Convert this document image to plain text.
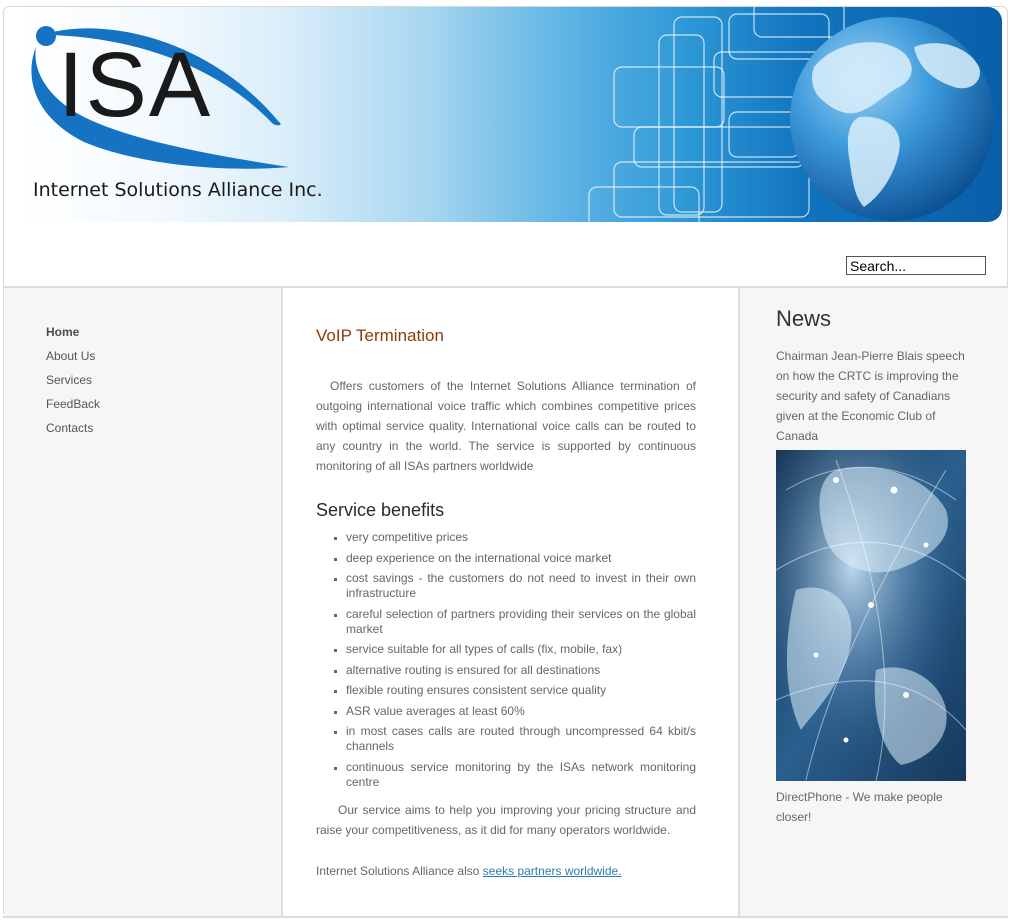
ISA
Internet Solutions Alliance Inc.
Search...
Home
About Us
Services
FeedBack
Contacts
VoIP Termination

Offers customers of the Internet Solutions Alliance termination of outgoing international voice traffic which combines competitive prices with optimal service quality. International voice calls can be routed to any country in the world. The service is supported by continuous monitoring of all ISAs partners worldwide

Service benefits
▪ very competitive prices
▪ deep experience on the international voice market
▪ cost savings - the customers do not need to invest in their own infrastructure
▪ careful selection of partners providing their services on the global market
▪ service suitable for all types of calls (fix, mobile, fax)
▪ alternative routing is ensured for all destinations
▪ flexible routing ensures consistent service quality
▪ ASR value averages at least 60%
▪ in most cases calls are routed through uncompressed 64 kbit/s channels
▪ continuous service monitoring by the ISAs network monitoring centre

Our service aims to help you improving your pricing structure and raise your competitiveness, as it did for many operators worldwide.

Internet Solutions Alliance also seeks partners worldwide.

News

Chairman Jean-Pierre Blais speech on how the CRTC is improving the security and safety of Canadians given at the Economic Club of Canada

DirectPhone - We make people closer!
